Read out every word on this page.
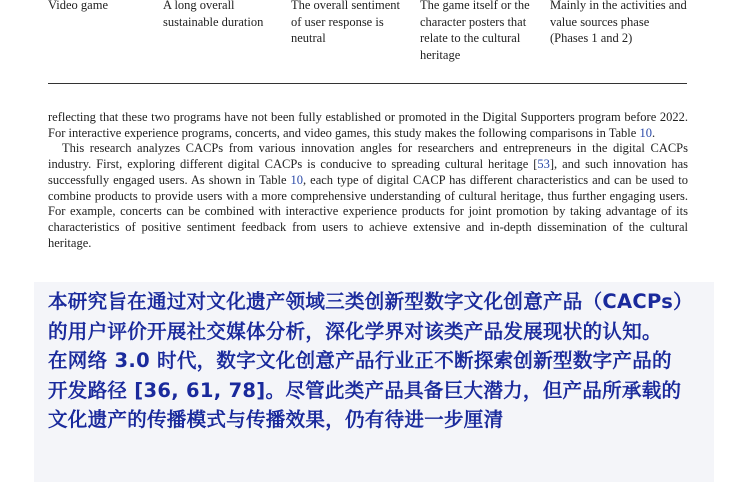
Video game	A long overall sustainable duration
The overall sentiment of user response is neutral
The game itself or the character posters that relate to the cultural heritage
Mainly in the activities and value sources phase (Phases 1 and 2)

reflecting that these two programs have not been fully established or promoted in the Digital Supporters program before 2022. For interactive experience programs, concerts, and video games, this study makes the following comparisons in Table 10.

This research analyzes CACPs from various innovation angles for researchers and entrepreneurs in the digital CACPs industry. First, exploring different digital CACPs is conducive to spreading cultural heritage [53], and such innovation has successfully engaged users. As shown in Table 10, each type of digital CACP has different characteristics and can be used to combine products to provide users with a more comprehensive understanding of cultural heritage, thus further engaging users. For example, concerts can be combined with interactive experience products for joint promotion by taking advantage of its characteristics of positive sentiment feedback from users to achieve extensive and in-depth dissemination of the cultural heritage.

本研究旨在通过对文化遗产领域三类创新型数字文化创意产品（CACPs）的用户评价开展社交媒体分析，深化学界对该类产品发展现状的认知。

在网络 3.0 时代，数字文化创意产品行业正不断探索创新型数字产品的开发路径 [36, 61, 78]。尽管此类产品具备巨大潜力，但产品所承载的文化遗产的传播模式与传播效果，仍有待进一步厘清
